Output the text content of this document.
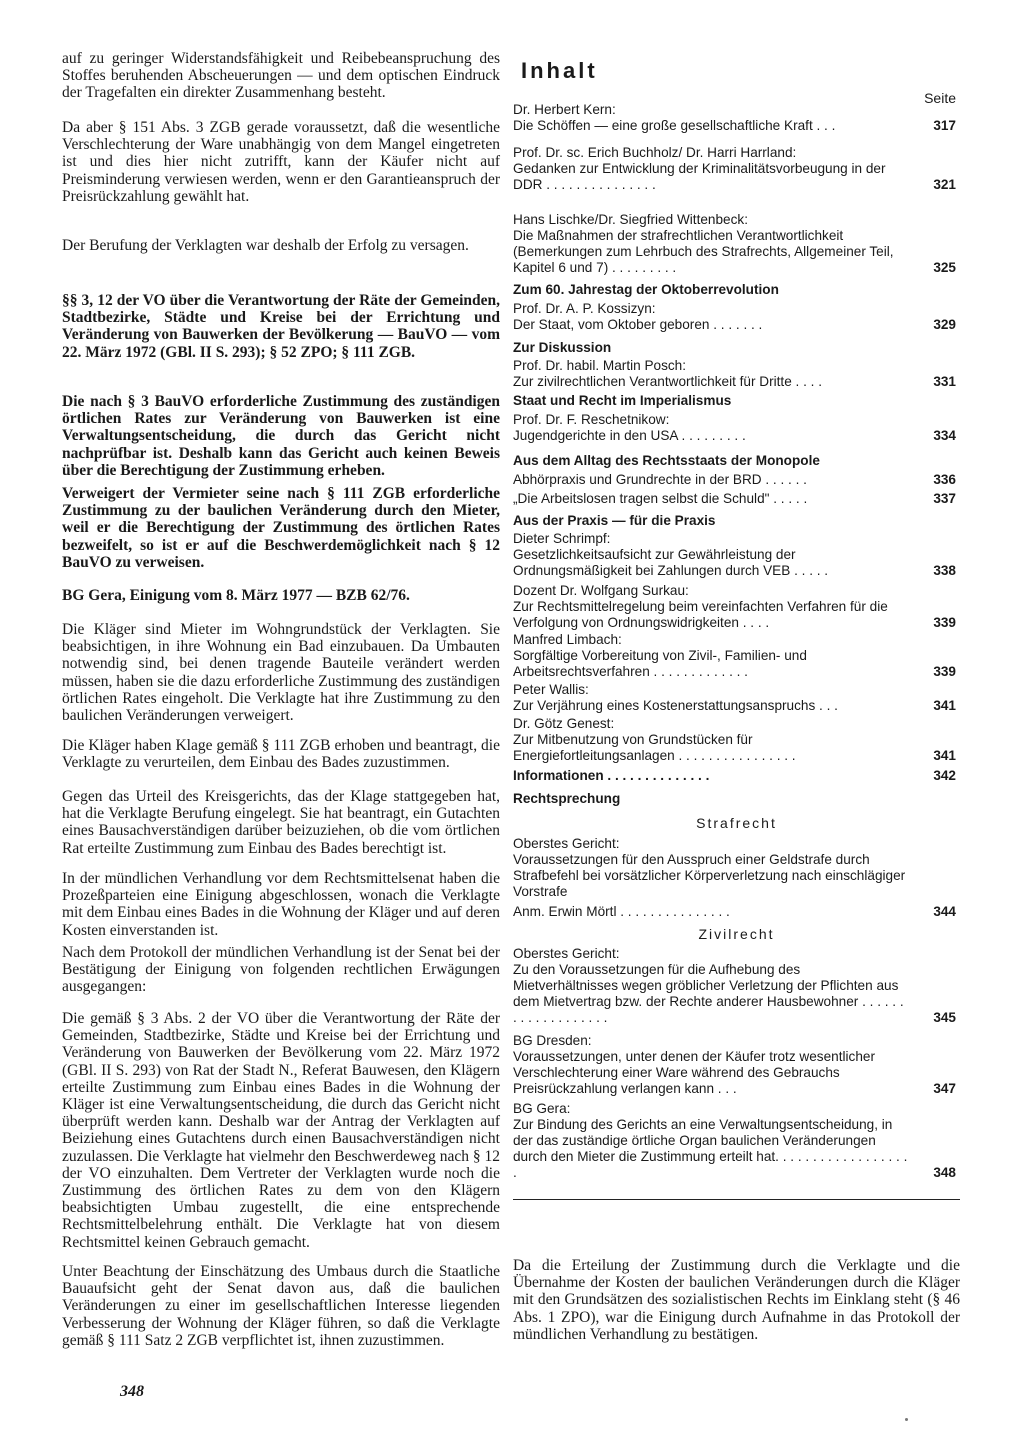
auf zu geringer Widerstandsfähigkeit und Reibebeanspruchung des Stoffes beruhenden Abscheuerungen — und dem optischen Eindruck der Tragefalten ein direkter Zusammenhang besteht.

Da aber § 151 Abs. 3 ZGB gerade voraussetzt, daß die wesentliche Verschlechterung der Ware unabhängig von dem Mangel eingetreten ist und dies hier nicht zutrifft, kann der Käufer nicht auf Preisminderung verwiesen werden, wenn er den Garantieanspruch der Preisrückzahlung gewählt hat.

Der Berufung der Verklagten war deshalb der Erfolg zu versagen.

§§ 3, 12 der VO über die Verantwortung der Räte der Gemeinden, Stadtbezirke, Städte und Kreise bei der Errichtung und Veränderung von Bauwerken der Bevölkerung — BauVO — vom 22. März 1972 (GBl. II S. 293); § 52 ZPO; § 111 ZGB.

Die nach § 3 BauVO erforderliche Zustimmung des zuständigen örtlichen Rates zur Veränderung von Bauwerken ist eine Verwaltungsentscheidung, die durch das Gericht nicht nachprüfbar ist. Deshalb kann das Gericht auch keinen Beweis über die Berechtigung der Zustimmung erheben.

Verweigert der Vermieter seine nach § 111 ZGB erforderliche Zustimmung zu der baulichen Veränderung durch den Mieter, weil er die Berechtigung der Zustimmung des örtlichen Rates bezweifelt, so ist er auf die Beschwerdemöglichkeit nach § 12 BauVO zu verweisen.

BG Gera, Einigung vom 8. März 1977 — BZB 62/76.

Die Kläger sind Mieter im Wohngrundstück der Verklagten. Sie beabsichtigen, in ihre Wohnung ein Bad einzubauen. Da Umbauten notwendig sind, bei denen tragende Bauteile verändert werden müssen, haben sie die dazu erforderliche Zustimmung des zuständigen örtlichen Rates eingeholt. Die Verklagte hat ihre Zustimmung zu den baulichen Veränderungen verweigert.

Die Kläger haben Klage gemäß § 111 ZGB erhoben und beantragt, die Verklagte zu verurteilen, dem Einbau des Bades zuzustimmen.

Gegen das Urteil des Kreisgerichts, das der Klage stattgegeben hat, hat die Verklagte Berufung eingelegt. Sie hat beantragt, ein Gutachten eines Bausachverständigen darüber beizuziehen, ob die vom örtlichen Rat erteilte Zustimmung zum Einbau des Bades berechtigt ist.

In der mündlichen Verhandlung vor dem Rechtsmittelsenat haben die Prozeßparteien eine Einigung abgeschlossen, wonach die Verklagte mit dem Einbau eines Bades in die Wohnung der Kläger und auf deren Kosten einverstanden ist.

Nach dem Protokoll der mündlichen Verhandlung ist der Senat bei der Bestätigung der Einigung von folgenden rechtlichen Erwägungen ausgegangen:

Die gemäß § 3 Abs. 2 der VO über die Verantwortung der Räte der Gemeinden, Stadtbezirke, Städte und Kreise bei der Errichtung und Veränderung von Bauwerken der Bevölkerung vom 22. März 1972 (GBl. II S. 293) von Rat der Stadt N., Referat Bauwesen, den Klägern erteilte Zustimmung zum Einbau eines Bades in die Wohnung der Kläger ist eine Verwaltungsentscheidung, die durch das Gericht nicht überprüft werden kann. Deshalb war der Antrag der Verklagten auf Beiziehung eines Gutachtens durch einen Bausachverständigen nicht zuzulassen. Die Verklagte hat vielmehr den Beschwerdeweg nach § 12 der VO einzuhalten. Dem Vertreter der Verklagten wurde noch die Zustimmung des örtlichen Rates zu dem von den Klägern beabsichtigten Umbau zugestellt, die eine entsprechende Rechtsmittelbelehrung enthält. Die Verklagte hat von diesem Rechtsmittel keinen Gebrauch gemacht.

Unter Beachtung der Einschätzung des Umbaus durch die Staatliche Bauaufsicht geht der Senat davon aus, daß die baulichen Veränderungen zu einer im gesellschaftlichen Interesse liegenden Verbesserung der Wohnung der Kläger führen, so daß die Verklagte gemäß § 111 Satz 2 ZGB verpflichtet ist, ihnen zuzustimmen.

348
Inhalt
Seite
Dr. Herbert Kern:
Die Schöffen — eine große gesellschaftliche Kraft . . .	317
Prof. Dr. sc. Erich Buchholz/ Dr. Harri Harrland:
Gedanken zur Entwicklung der Kriminalitätsvorbeugung in der DDR . . . . . . . . . . . . . . .	321
Hans Lischke/Dr. Siegfried Wittenbeck:
Die Maßnahmen der strafrechtlichen Verantwortlichkeit (Bemerkungen zum Lehrbuch des Strafrechts, Allgemeiner Teil, Kapitel 6 und 7) . . . . . . . . .	325
Zum 60. Jahrestag der Oktoberrevolution
Prof. Dr. A. P. Kossizyn:
Der Staat, vom Oktober geboren . . . . . . .	329
Zur Diskussion
Prof. Dr. habil. Martin Posch:
Zur zivilrechtlichen Verantwortlichkeit für Dritte . . . .	331
Staat und Recht im Imperialismus
Prof. Dr. F. Reschetnikow:
Jugendgerichte in den USA . . . . . . . . .	334
Aus dem Alltag des Rechtsstaats der Monopole
Abhörpraxis und Grundrechte in der BRD . . . . . .	336
„Die Arbeitslosen tragen selbst die Schuld" . . . . .	337
Aus der Praxis — für die Praxis
Dieter Schrimpf:
Gesetzlichkeitsaufsicht zur Gewährleistung der Ordnungsmäßigkeit bei Zahlungen durch VEB . . . . .	338
Dozent Dr. Wolfgang Surkau:
Zur Rechtsmittelregelung beim vereinfachten Verfahren für die Verfolgung von Ordnungswidrigkeiten . . . .	339
Manfred Limbach:
Sorgfältige Vorbereitung von Zivil-, Familien- und Arbeitsrechtsverfahren . . . . . . . . . . . . .	339
Peter Wallis:
Zur Verjährung eines Kostenerstattungsanspruchs . . .	341
Dr. Götz Genest:
Zur Mitbenutzung von Grundstücken für Energiefortleitungsanlagen . . . . . . . . . . . . . . . .	341
Informationen . . . . . . . . . . . . . .	342
Rechtsprechung
Strafrecht
Oberstes Gericht:
Voraussetzungen für den Ausspruch einer Geldstrafe durch Strafbefehl bei vorsätzlicher Körperverletzung nach einschlägiger Vorstrafe
Anm. Erwin Mörtl . . . . . . . . . . . . . . .	344
Zivilrecht
Oberstes Gericht:
Zu den Voraussetzungen für die Aufhebung des Mietverhältnisses wegen gröblicher Verletzung der Pflichten aus dem Mietvertrag bzw. der Rechte anderer Hausbewohner . . . . . . . . . . . . . . . . . . .	345
BG Dresden:
Voraussetzungen, unter denen der Käufer trotz wesentlicher Verschlechterung einer Ware während des Gebrauchs Preisrückzahlung verlangen kann . . .	347
BG Gera:
Zur Bindung des Gerichts an eine Verwaltungsentscheidung, in der das zuständige örtliche Organ baulichen Veränderungen durch den Mieter die Zustimmung erteilt hat. . . . . . . . . . . . . . . . . . .	348

Da die Erteilung der Zustimmung durch die Verklagte und die Übernahme der Kosten der baulichen Veränderungen durch die Kläger mit den Grundsätzen des sozialistischen Rechts im Einklang steht (§ 46 Abs. 1 ZPO), war die Einigung durch Aufnahme in das Protokoll der mündlichen Verhandlung zu bestätigen.
